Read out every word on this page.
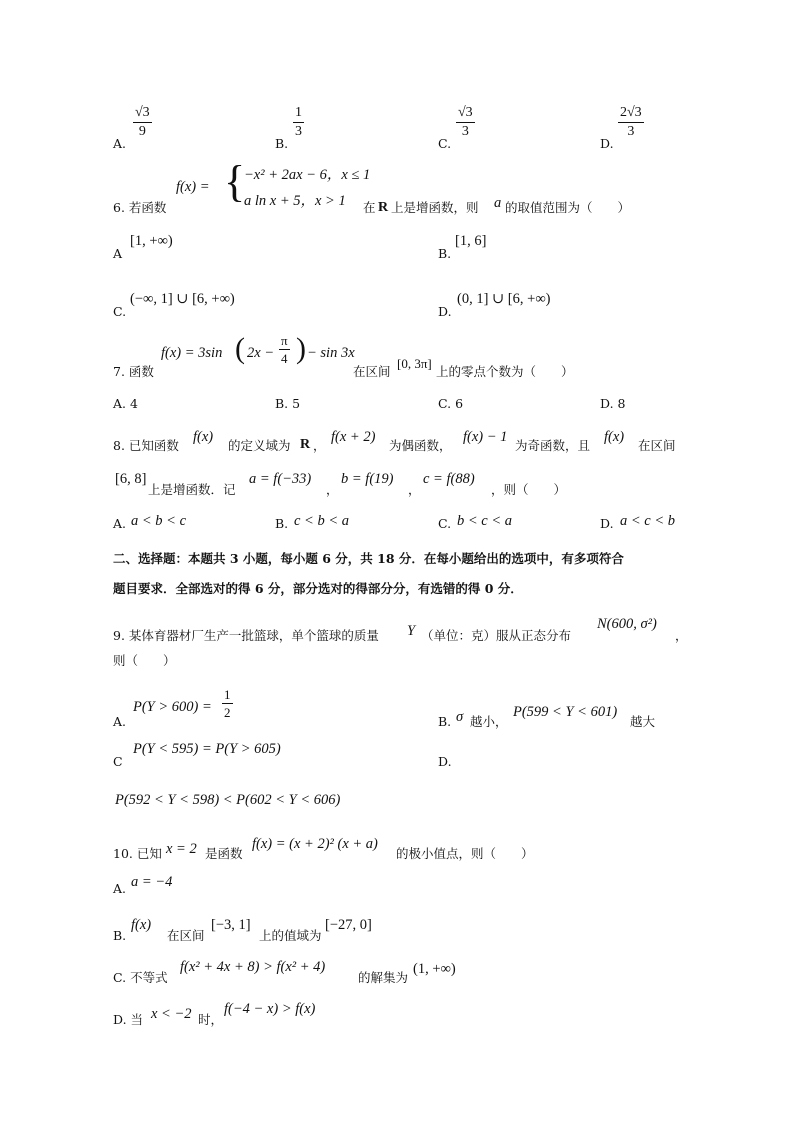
A.
$\frac{√3}{9}$
B.
$\frac{1}{3}$
C.
$\frac{√3}{3}$
D.
$\frac{2√3}{3}$
6. 若函数
f(x) = {
−x² + 2ax − 6，x ≤ 1
a ln x + 5，x > 1 在 R 上是增函数，则 a 的取值范围为（　　）
A
[1, +∞)
B.
[1, 6]
C.
(−∞, 1] ∪ [6, +∞)
D.
(0, 1] ∪ [6, +∞)
7. 函数
f(x) = 3sin ( $2x - \frac{\pi}{4}$ ) − sin 3x
在区间
[0, 3π]
上的零点个数为（　　）
A. 4	B. 5	C. 6	D. 8
8. 已知函数
f(x)
的定义域为 R ，
f(x + 2)
为偶函数，
f(x) − 1
为奇函数，且
f(x)
在区间
[6, 8]
上是增函数．记
a = f(−33)
，
b = f(19)
，
c = f(88)
，则（　　）
A. a < b < c	B. c < b < a	C. b < c < a	D. a < c < b
二、选择题：本题共 3 小题，每小题 6 分，共 18 分．在每小题给出的选项中，有多项符合
题目要求．全部选对的得 6 分，部分选对的得部分分，有选错的得 0 分．
9. 某体育器材厂生产一批篮球，单个篮球的质量 Y （单位：克）服从正态分布
N(600, σ²)
，
则（　　）
A.
$P(Y > 600) = \frac{1}{2}$
B. σ 越小，
P(599 < Y < 601)
越大
C
P(Y < 595) = P(Y > 605)
D.
P(592 < Y < 598) < P(602 < Y < 606)
10. 已知 x = 2 是函数
f(x) = (x + 2)² (x + a)
的极小值点，则（　　）
A. a = −4
B.
f(x)
在区间
[−3, 1]
上的值域为
[−27, 0]
C. 不等式
f(x² + 4x + 8) > f(x² + 4)
的解集为
(1, +∞)
D. 当 x < −2 时，
f(−4 − x) > f(x)
